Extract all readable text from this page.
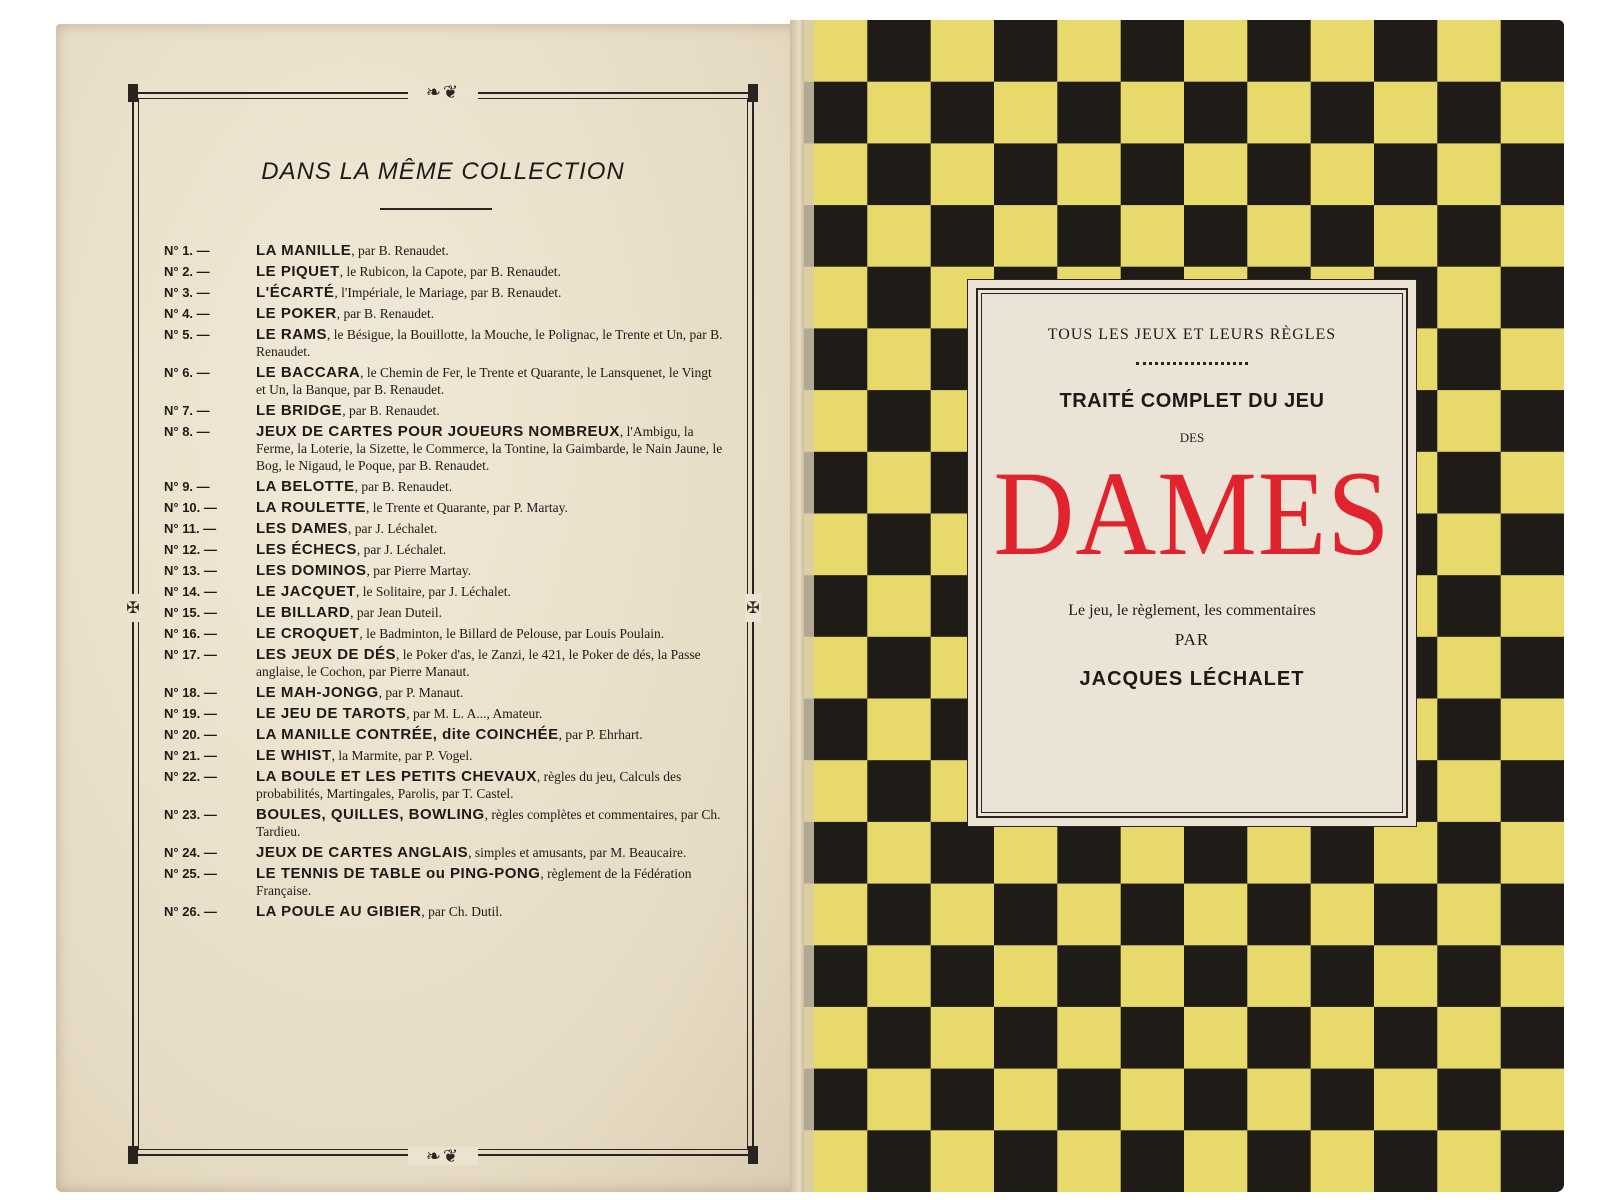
❧❦
❧❦
✠	✠
DANS LA MÊME COLLECTION
N° 1. —	LA MANILLE, par B. Renaudet.
N° 2. —	LE PIQUET, le Rubicon, la Capote, par B. Renaudet.
N° 3. —	L'ÉCARTÉ, l'Impériale, le Mariage, par B. Renaudet.
N° 4. —	LE POKER, par B. Renaudet.
N° 5. —	LE RAMS, le Bésigue, la Bouillotte, la Mouche, le Polignac, le Trente et Un, par B. Renaudet.
N° 6. —	LE BACCARA, le Chemin de Fer, le Trente et Quarante, le Lansquenet, le Vingt et Un, la Banque, par B. Renaudet.
N° 7. —	LE BRIDGE, par B. Renaudet.
N° 8. —	JEUX DE CARTES POUR JOUEURS NOMBREUX, l'Ambigu, la Ferme, la Loterie, la Sizette, le Commerce, la Tontine, la Gaimbarde, le Nain Jaune, le Bog, le Nigaud, le Poque, par B. Renaudet.
N° 9. —	LA BELOTTE, par B. Renaudet.
N° 10. —	LA ROULETTE, le Trente et Quarante, par P. Martay.
N° 11. —	LES DAMES, par J. Léchalet.
N° 12. —	LES ÉCHECS, par J. Léchalet.
N° 13. —	LES DOMINOS, par Pierre Martay.
N° 14. —	LE JACQUET, le Solitaire, par J. Léchalet.
N° 15. —	LE BILLARD, par Jean Duteil.
N° 16. —	LE CROQUET, le Badminton, le Billard de Pelouse, par Louis Poulain.
N° 17. —	LES JEUX DE DÉS, le Poker d'as, le Zanzi, le 421, le Poker de dés, la Passe anglaise, le Cochon, par Pierre Manaut.
N° 18. —	LE MAH-JONGG, par P. Manaut.
N° 19. —	LE JEU DE TAROTS, par M. L. A..., Amateur.
N° 20. —	LA MANILLE CONTRÉE, dite COINCHÉE, par P. Ehrhart.
N° 21. —	LE WHIST, la Marmite, par P. Vogel.
N° 22. —	LA BOULE ET LES PETITS CHEVAUX, règles du jeu, Calculs des probabilités, Martingales, Parolis, par T. Castel.
N° 23. —	BOULES, QUILLES, BOWLING, règles complètes et commentaires, par Ch. Tardieu.
N° 24. —	JEUX DE CARTES ANGLAIS, simples et amusants, par M. Beaucaire.
N° 25. —	LE TENNIS DE TABLE ou PING-PONG, règlement de la Fédération Française.
N° 26. —	LA POULE AU GIBIER, par Ch. Dutil.
TOUS LES JEUX ET LEURS RÈGLES
TRAITÉ COMPLET DU JEU
DES
DAMES
Le jeu, le règlement, les commentaires
PAR
JACQUES LÉCHALET
